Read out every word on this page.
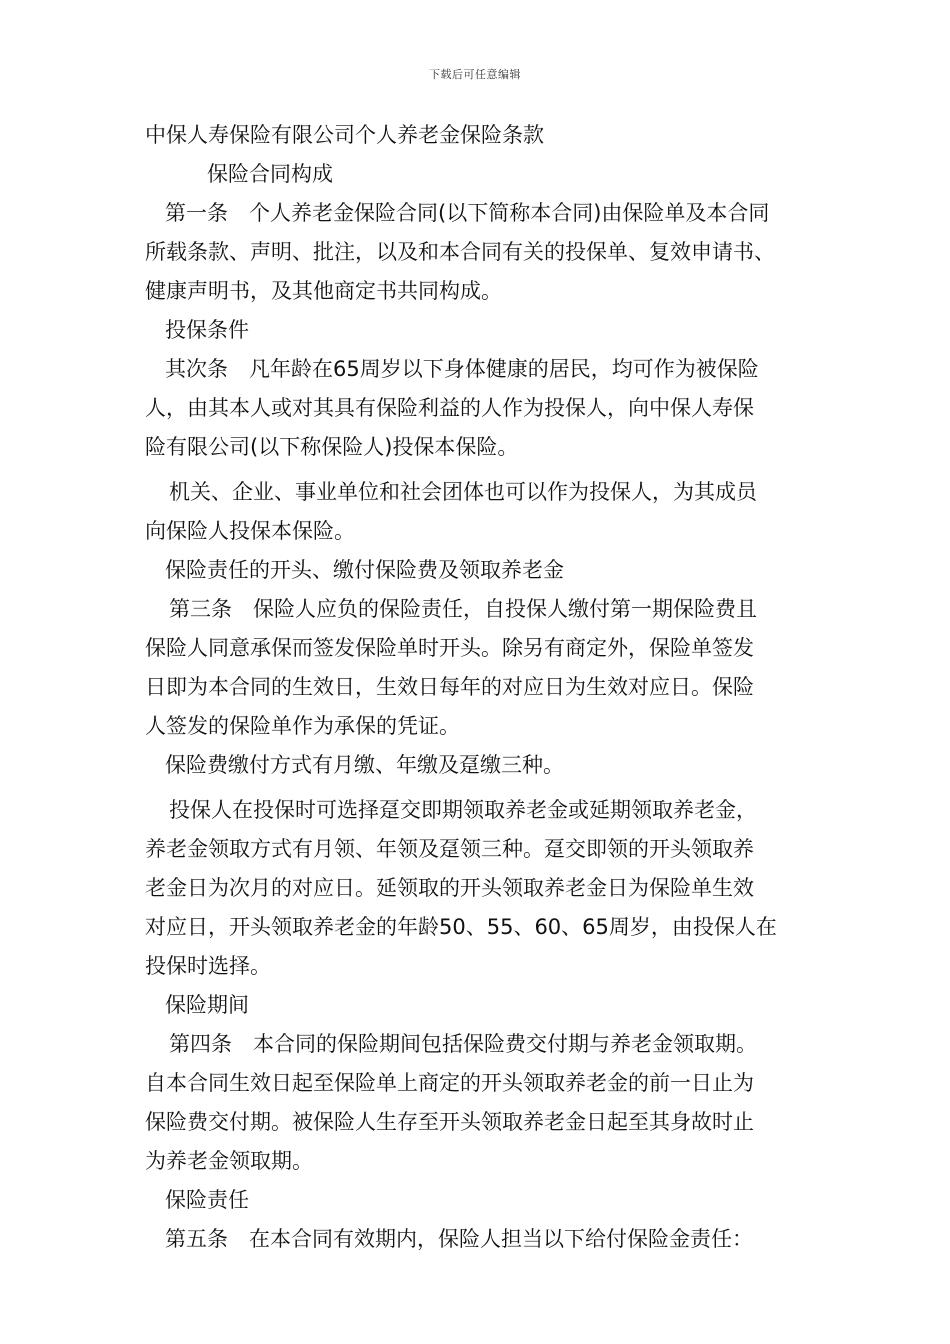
下载后可任意编辑
中保人寿保险有限公司个人养老金保险条款
保险合同构成
第一条　个人养老金保险合同(以下简称本合同)由保险单及本合同
所载条款、声明、批注，以及和本合同有关的投保单、复效申请书、
健康声明书，及其他商定书共同构成。
投保条件
其次条　凡年龄在65周岁以下身体健康的居民，均可作为被保险
人，由其本人或对其具有保险利益的人作为投保人，向中保人寿保
险有限公司(以下称保险人)投保本保险。
机关、企业、事业单位和社会团体也可以作为投保人，为其成员
向保险人投保本保险。
保险责任的开头、缴付保险费及领取养老金
第三条　保险人应负的保险责任，自投保人缴付第一期保险费且
保险人同意承保而签发保险单时开头。除另有商定外，保险单签发
日即为本合同的生效日，生效日每年的对应日为生效对应日。保险
人签发的保险单作为承保的凭证。
保险费缴付方式有月缴、年缴及趸缴三种。
投保人在投保时可选择趸交即期领取养老金或延期领取养老金，
养老金领取方式有月领、年领及趸领三种。趸交即领的开头领取养
老金日为次月的对应日。延领取的开头领取养老金日为保险单生效
对应日，开头领取养老金的年龄50、55、60、65周岁，由投保人在
投保时选择。
保险期间
第四条　本合同的保险期间包括保险费交付期与养老金领取期。
自本合同生效日起至保险单上商定的开头领取养老金的前一日止为
保险费交付期。被保险人生存至开头领取养老金日起至其身故时止
为养老金领取期。
保险责任
第五条　在本合同有效期内，保险人担当以下给付保险金责任：
